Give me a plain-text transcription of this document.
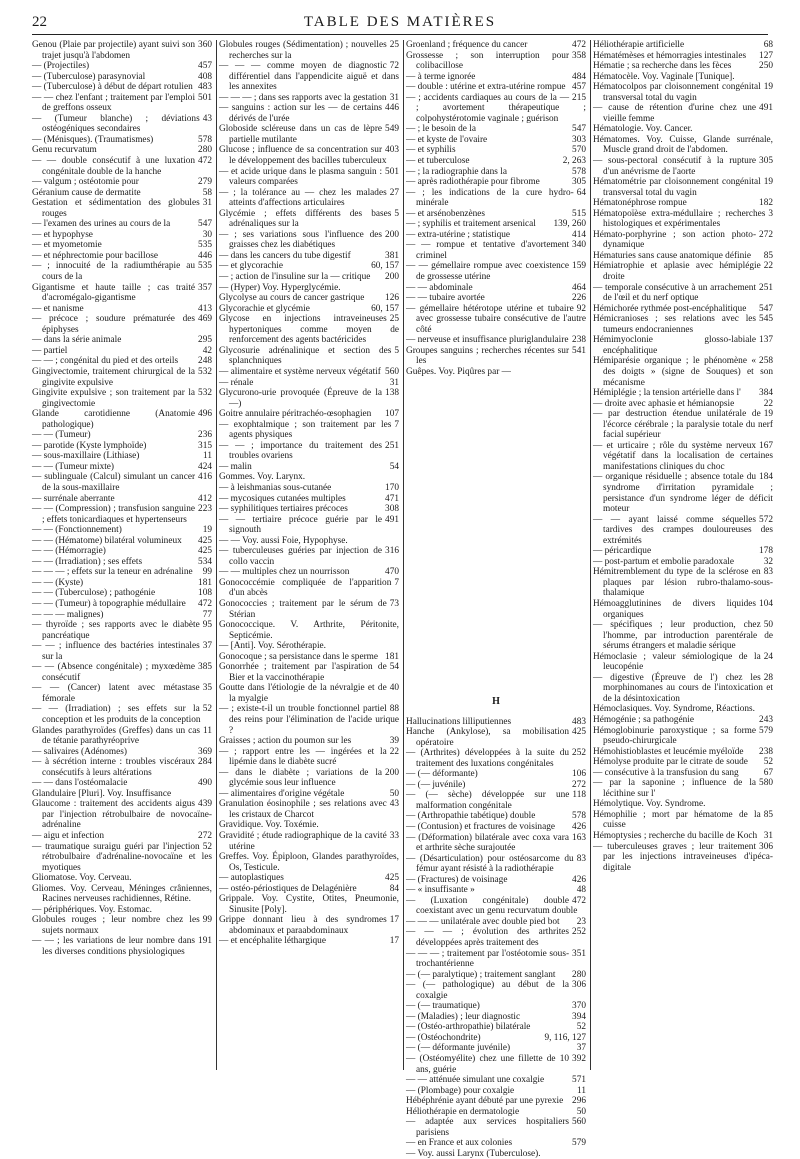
22	TABLE DES MATIÈRES
360
Genou (Plaie par projectile) ayant suivi son trajet jusqu'à l'abdomen
457
— (Projectiles)
408
— (Tuberculose) parasynovial
483
— (Tuberculose) à début de départ rotulien
501
— — chez l'enfant ; traitement par l'emploi de greffons osseux
43
— (Tumeur blanche) ; déviations ostéogéniques secondaires
578
— (Ménisques). (Traumatismes)
280
Genu recurvatum
472
— — double consécutif à une luxation congénitale double de la hanche
279
— valgum ; ostéotomie pour
58
Géranium cause de dermatite
31
Gestation et sédimentation des globules rouges
547
— l'examen des urines au cours de la
30
— et hypophyse
535
— et myometomie
446
— et néphrectomie pour bacillose
535
— ; innocuité de la radiumthérapie au cours de la
357
Gigantisme et haute taille ; cas traité d'acromégalo-gigantisme
413
— et nanisme
469
— précoce ; soudure prématurée des épiphyses
295
— dans la série animale
42
— partiel
248
— — ; congénital du pied et des orteils
532
Gingivectomie, traitement chirurgical de la gingivite expulsive
532
Gingivite expulsive ; son traitement par la gingivectomie
496
Glande carotidienne (Anatomie pathologique)
236
— — (Tumeur)
315
— parotide (Kyste lymphoïde)
11
— sous-maxillaire (Lithiase)
424
— — (Tumeur mixte)
416
— sublinguale (Calcul) simulant un cancer de la sous-maxillaire
412
— surrénale aberrante
223
— — (Compression) ; transfusion sanguine ; effets tonicardiaques et hypertenseurs
19
— — (Fonctionnement)
425
— — (Hématome) bilatéral volumineux
425
— — (Hémorragie)
534
— — (Irradiation) ; ses effets
99
— — — ; effets sur la teneur en adrénaline
181
— — (Kyste)
108
— — (Tuberculose) ; pathogénie
472
— — (Tumeur) à topographie médullaire
77
— — — malignes)
95
— thyroïde ; ses rapports avec le diabète pancréatique
37
— — ; influence des bactéries intestinales sur la
385
— — (Absence congénitale) ; myxœdème consécutif
35
— — (Cancer) latent avec métastase fémorale
52
— — (Irradiation) ; ses effets sur la conception et les produits de la conception
11
Glandes parathyroïdes (Greffes) dans un cas de tétanie parathyréoprive
369
— salivaires (Adénomes)
284
— à sécrétion interne : troubles viscéraux consécutifs à leurs altérations
490
— — dans l'ostéomalacie
Glandulaire [Pluri]. Voy. Insuffisance
439
Glaucome : traitement des accidents aigus par l'injection rétrobulbaire de novocaïne-adrénaline
272
— aigu et infection
52
— traumatique suraigu guéri par l'injection rétrobulbaire d'adrénaline-novocaïne et les myotiques
Gliomatose. Voy. Cerveau.
Gliomes. Voy. Cerveau, Méninges crâniennes, Racines nerveuses rachidiennes, Rétine.
— périphériques. Voy. Estomac.
99
Globules rouges ; leur nombre chez les sujets normaux
191
— — ; les variations de leur nombre dans les diverses conditions physiologiques
25
Globules rouges (Sédimentation) ; nouvelles recherches sur la
72
— — — comme moyen de diagnostic différentiel dans l'appendicite aiguë et dans les annexites
31
— — — ; dans ses rapports avec la gestation
446
— sanguins : action sur les — de certains dérivés de l'urée
549
Globoside scléreuse dans un cas de lèpre partielle mutilante
403
Glucose ; influence de sa concentration sur le développement des bacilles tuberculeux
501
— et acide urique dans le plasma sanguin : valeurs comparées
27
— ; la tolérance au — chez les malades atteints d'affections articulaires
5
Glycémie ; effets différents des bases adrénaliques sur la
200
— ; ses variations sous l'influence des graisses chez les diabétiques
381
— dans les cancers du tube digestif
60, 157
— et glycorachie
200
— ; action de l'insuline sur la — critique
— (Hyper) Voy. Hyperglycémie.
126
Glycolyse au cours de cancer gastrique
60, 157
Glycorachie et glycémie
25
Glycose en injections intraveineuses hypertoniques comme moyen de renforcement des agents bactéricides
5
Glycosurie adrénalinique et section des splanchniques
560
— alimentaire et système nerveux végétatif
31
— rénale
138
Glycurono-urie provoquée (Épreuve de la —)
107
Goitre annulaire péritrachéo-œsophagien
7
— exophtalmique ; son traitement par les agents physiques
251
— — ; importance du traitement des troubles ovariens
54
— malin
Gommes. Voy. Larynx.
170
— à leishmanias sous-cutanée
471
— mycosiques cutanées multiples
308
— syphilitiques tertiaires précoces
491
— — tertiaire précoce guérie par le signouth
— — Voy. aussi Foie, Hypophyse.
316
— tuberculeuses guéries par injection de collo vaccin
470
— — multiples chez un nourrisson
7
Gonococcémie compliquée de l'apparition d'un abcès
73
Gonococcies ; traitement par le sérum de Stérian
Gonococcique. V. Arthrite, Péritonite, Septicémie.
— [Anti]. Voy. Sérothérapie.
181
Gonocoque ; sa persistance dans le sperme
54
Gonorrhée ; traitement par l'aspiration de Bier et la vaccinothérapie
40
Goutte dans l'étiologie de la névralgie et de la myalgie
88
— ; existe-t-il un trouble fonctionnel partiel des reins pour l'élimination de l'acide urique ?
39
Graisses ; action du poumon sur les
22
— ; rapport entre les — ingérées et la lipémie dans le diabète sucré
200
— dans le diabète ; variations de la glycémie sous leur influence
50
— alimentaires d'origine végétale
43
Granulation éosinophile ; ses relations avec les cristaux de Charcot
Gravidique. Voy. Toxémie.
33
Gravidité ; étude radiographique de la cavité utérine
Greffes. Voy. Épiploon, Glandes parathyroïdes, Os, Testicule.
425
— autoplastiques
84
— ostéo-périostiques de Delagénière
Grippale. Voy. Cystite, Otites, Pneumonie, Sinusite [Poly].
17
Grippe donnant lieu à des syndromes abdominaux et paraabdominaux
17
— et encéphalite léthargique
472
Groenland ; fréquence du cancer
358
Grossesse ; son interruption pour colibacillose
484
— à terme ignorée
457
— double : utérine et extra-utérine rompue
215
— ; accidents cardiaques au cours de la — ; avortement thérapeutique ; colpohystérotomie vaginale ; guérison
547
— ; le besoin de la
303
— et kyste de l'ovaire
570
— et syphilis
2, 263
— et tuberculose
578
— ; la radiographie dans la
305
— après radiothérapie pour fibrome
64
— ; les indications de la cure hydro-minérale
515
— et arsénobenzènes
139, 260
— ; syphilis et traitement arsenical
414
— extra-utérine ; statistique
340
— — rompue et tentative d'avortement criminel
159
— — gémellaire rompue avec coexistence de grossesse utérine
464
— — abdominale
226
— — tubaire avortée
92
— gémellaire hétérotope utérine et tubaire avec grossesse tubaire consécutive de l'autre côté
238
— nerveuse et insuffisance pluriglandulaire
541
Groupes sanguins ; recherches récentes sur les
Guêpes. Voy. Piqûres par —
H
483
Hallucinations lilliputiennes
425
Hanche (Ankylose), sa mobilisation opératoire
252
— (Arthrites) développées à la suite du traitement des luxations congénitales
106
— (— déformante)
272
— (— juvénile)
118
— (— sèche) développée sur une malformation congénitale
578
— (Arthropathie tabétique) double
426
— (Contusion) et fractures de voisinage
163
— (Déformation) bilatérale avec coxa vara et arthrite sèche surajoutée
83
— (Désarticulation) pour ostéosarcome du fémur ayant résisté à la radiothérapie
426
— (Fractures) de voisinage
48
— « insuffisante »
472
— (Luxation congénitale) double coexistant avec un genu recurvatum double
23
— — — unilatérale avec double pied bot
252
— — — ; évolution des arthrites développées après traitement des
351
— — — ; traitement par l'ostéotomie sous-trochantérienne
280
— (— paralytique) ; traitement sanglant
306
— (— pathologique) au début de la coxalgie
370
— (— traumatique)
394
— (Maladies) ; leur diagnostic
52
— (Ostéo-arthropathie) bilatérale
9, 116, 127
— (Ostéochondrite)
37
— (— déformante juvénile)
392
— (Ostéomyélite) chez une fillette de 10 ans, guérie
571
— — atténuée simulant une coxalgie
11
— (Plombage) pour coxalgie
296
Hébéphrénie ayant débuté par une pyrexie
50
Héliothérapie en dermatologie
560
— adaptée aux services hospitaliers parisiens
579
— en France et aux colonies
— Voy. aussi Larynx (Tuberculose).
68
Héliothérapie artificielle
127
Hématémèses et hémorragies intestinales
250
Hématie ; sa recherche dans les fèces
Hématocèle. Voy. Vaginale [Tunique].
19
Hématocolpos par cloisonnement congénital transversal total du vagin
491
— cause de rétention d'urine chez une vieille femme
Hématologie. Voy. Cancer.
Hématomes. Voy. Cuisse, Glande surrénale, Muscle grand droit de l'abdomen.
305
— sous-pectoral consécutif à la rupture d'un anévrisme de l'aorte
19
Hématométrie par cloisonnement congénital transversal total du vagin
182
Hématonéphrose rompue
3
Hématopoïèse extra-médullaire ; recherches histologiques et expérimentales
272
Hémato-porphyrine ; son action photo-dynamique
85
Hématuries sans cause anatomique définie
22
Hémiatrophie et aplasie avec hémiplégie droite
251
— temporale consécutive à un arrachement de l'œil et du nerf optique
547
Hémichorée rythmée post-encéphalitique
545
Hémicranioses ; ses relations avec les tumeurs endocraniennes
137
Hémimyoclonie glosso-labiale encéphalitique
258
Hémiparésie organique ; le phénomène « des doigts » (signe de Souques) et son mécanisme
384
Hémiplégie ; la tension artérielle dans l'
22
— droite avec aphasie et hémianopsie
19
— par destruction étendue unilatérale de l'écorce cérébrale ; la paralysie totale du nerf facial supérieur
167
— et urticaire ; rôle du système nerveux végétatif dans la localisation de certaines manifestations cliniques du choc
184
— organique résiduelle ; absence totale du syndrome d'irritation pyramidale ; persistance d'un syndrome léger de déficit moteur
572
— — ayant laissé comme séquelles tardives des crampes douloureuses des extrémités
178
— péricardique
32
— post-partum et embolie paradoxale
83
Hémitremblement du type de la sclérose en plaques par lésion rubro-thalamo-sous-thalamique
104
Hémoagglutinines de divers liquides organiques
50
— spécifiques ; leur production, chez l'homme, par introduction parentérale de sérums étrangers et maladie sérique
24
Hémoclasie ; valeur sémiologique de la leucopénie
28
— digestive (Épreuve de l') chez les morphinomanes au cours de l'intoxication et de la désintoxication
Hémoclasiques. Voy. Syndrome, Réactions.
243
Hémogénie ; sa pathogénie
579
Hémoglobinurie paroxystique ; sa forme pseudo-chirurgicale
238
Hémohistioblastes et leucémie myéloïde
52
Hémolyse produite par le citrate de soude
67
— consécutive à la transfusion du sang
580
— par la saponine ; influence de la lécithine sur l'
Hémolytique. Voy. Syndrome.
85
Hémophilie ; mort par hématome de la cuisse
31
Hémoptysies ; recherche du bacille de Koch
306
— tuberculeuses graves ; leur traitement par les injections intraveineuses d'ipéca-digitale
